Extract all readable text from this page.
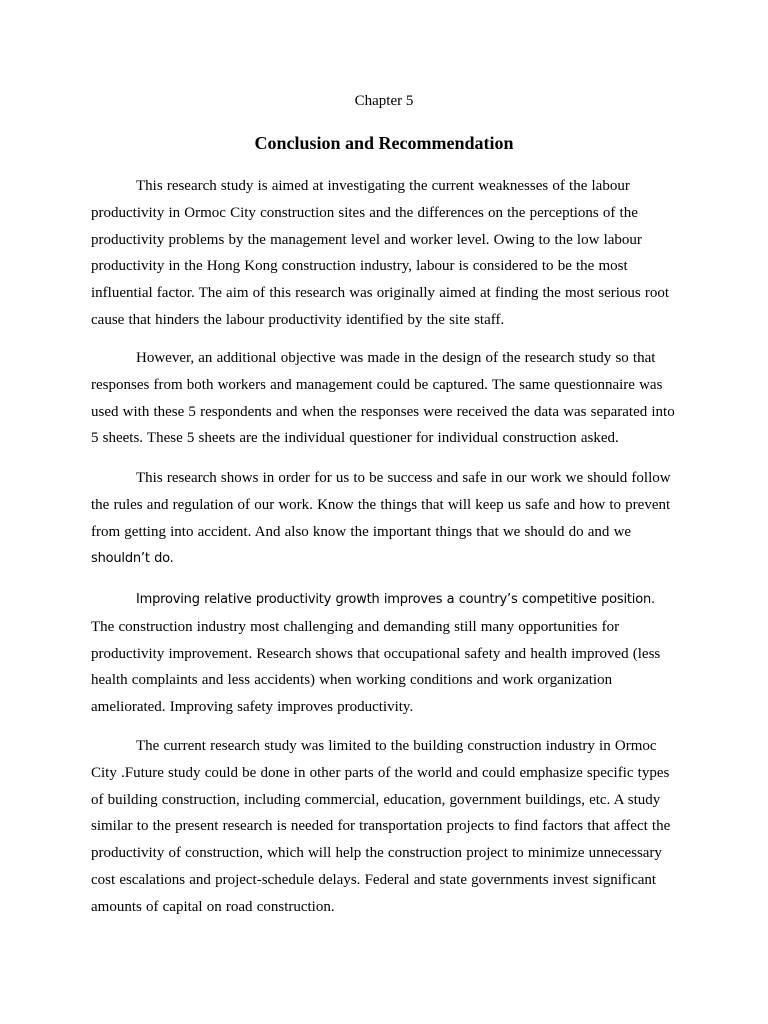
Chapter 5
Conclusion and Recommendation

This research study is aimed at investigating the current weaknesses of the labour productivity in Ormoc City construction sites and the differences on the perceptions of the productivity problems by the management level and worker level. Owing to the low labour productivity in the Hong Kong construction industry, labour is considered to be the most influential factor. The aim of this research was originally aimed at finding the most serious root cause that hinders the labour productivity identified by the site staff.

However, an additional objective was made in the design of the research study so that responses from both workers and management could be captured. The same questionnaire was used with these 5 respondents and when the responses were received the data was separated into 5 sheets. These 5 sheets are the individual questioner for individual construction asked.

This research shows in order for us to be success and safe in our work we should follow the rules and regulation of our work. Know the things that will keep us safe and how to prevent from getting into accident. And also know the important things that we should do and we shouldn’t do.

Improving relative productivity growth improves a country’s competitive position. The construction industry most challenging and demanding still many opportunities for productivity improvement. Research shows that occupational safety and health improved (less health complaints and less accidents) when working conditions and work organization ameliorated. Improving safety improves productivity.

The current research study was limited to the building construction industry in Ormoc City .Future study could be done in other parts of the world and could emphasize specific types of building construction, including commercial, education, government buildings, etc. A study similar to the present research is needed for transportation projects to find factors that affect the productivity of construction, which will help the construction project to minimize unnecessary cost escalations and project-schedule delays. Federal and state governments invest significant amounts of capital on road construction.
